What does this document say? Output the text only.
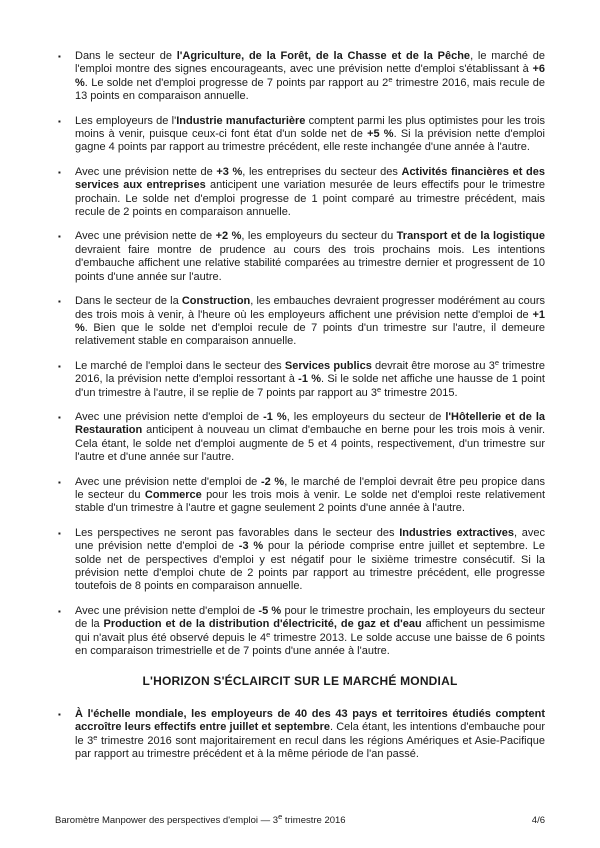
▪	Dans le secteur de l'Agriculture, de la Forêt, de la Chasse et de la Pêche, le marché de l'emploi montre des signes encourageants, avec une prévision nette d'emploi s'établissant à +6 %. Le solde net d'emploi progresse de 7 points par rapport au 2e trimestre 2016, mais recule de 13 points en comparaison annuelle.
▪	Les employeurs de l'Industrie manufacturière comptent parmi les plus optimistes pour les trois moins à venir, puisque ceux-ci font état d'un solde net de +5 %. Si la prévision nette d'emploi gagne 4 points par rapport au trimestre précédent, elle reste inchangée d'une année à l'autre.
▪	Avec une prévision nette de +3 %, les entreprises du secteur des Activités financières et des services aux entreprises anticipent une variation mesurée de leurs effectifs pour le trimestre prochain. Le solde net d'emploi progresse de 1 point comparé au trimestre précédent, mais recule de 2 points en comparaison annuelle.
▪	Avec une prévision nette de +2 %, les employeurs du secteur du Transport et de la logistique devraient faire montre de prudence au cours des trois prochains mois. Les intentions d'embauche affichent une relative stabilité comparées au trimestre dernier et progressent de 10 points d'une année sur l'autre.
▪	Dans le secteur de la Construction, les embauches devraient progresser modérément au cours des trois mois à venir, à l'heure où les employeurs affichent une prévision nette d'emploi de +1 %. Bien que le solde net d'emploi recule de 7 points d'un trimestre sur l'autre, il demeure relativement stable en comparaison annuelle.
▪	Le marché de l'emploi dans le secteur des Services publics devrait être morose au 3e trimestre 2016, la prévision nette d'emploi ressortant à -1 %. Si le solde net affiche une hausse de 1 point d'un trimestre à l'autre, il se replie de 7 points par rapport au 3e trimestre 2015.
▪	Avec une prévision nette d'emploi de -1 %, les employeurs du secteur de l'Hôtellerie et de la Restauration anticipent à nouveau un climat d'embauche en berne pour les trois mois à venir. Cela étant, le solde net d'emploi augmente de 5 et 4 points, respectivement, d'un trimestre sur l'autre et d'une année sur l'autre.
▪	Avec une prévision nette d'emploi de -2 %, le marché de l'emploi devrait être peu propice dans le secteur du Commerce pour les trois mois à venir. Le solde net d'emploi reste relativement stable d'un trimestre à l'autre et gagne seulement 2 points d'une année à l'autre.
▪	Les perspectives ne seront pas favorables dans le secteur des Industries extractives, avec une prévision nette d'emploi de -3 % pour la période comprise entre juillet et septembre. Le solde net de perspectives d'emploi y est négatif pour le sixième trimestre consécutif. Si la prévision nette d'emploi chute de 2 points par rapport au trimestre précédent, elle progresse toutefois de 8 points en comparaison annuelle.
▪	Avec une prévision nette d'emploi de -5 % pour le trimestre prochain, les employeurs du secteur de la Production et de la distribution d'électricité, de gaz et d'eau affichent un pessimisme qui n'avait plus été observé depuis le 4e trimestre 2013. Le solde accuse une baisse de 6 points en comparaison trimestrielle et de 7 points d'une année à l'autre.
L'HORIZON S'ÉCLAIRCIT SUR LE MARCHÉ MONDIAL
▪	À l'échelle mondiale, les employeurs de 40 des 43 pays et territoires étudiés comptent accroître leurs effectifs entre juillet et septembre. Cela étant, les intentions d'embauche pour le 3e trimestre 2016 sont majoritairement en recul dans les régions Amériques et Asie-Pacifique par rapport au trimestre précédent et à la même période de l'an passé.
Baromètre Manpower des perspectives d'emploi — 3e trimestre 2016	4/6
